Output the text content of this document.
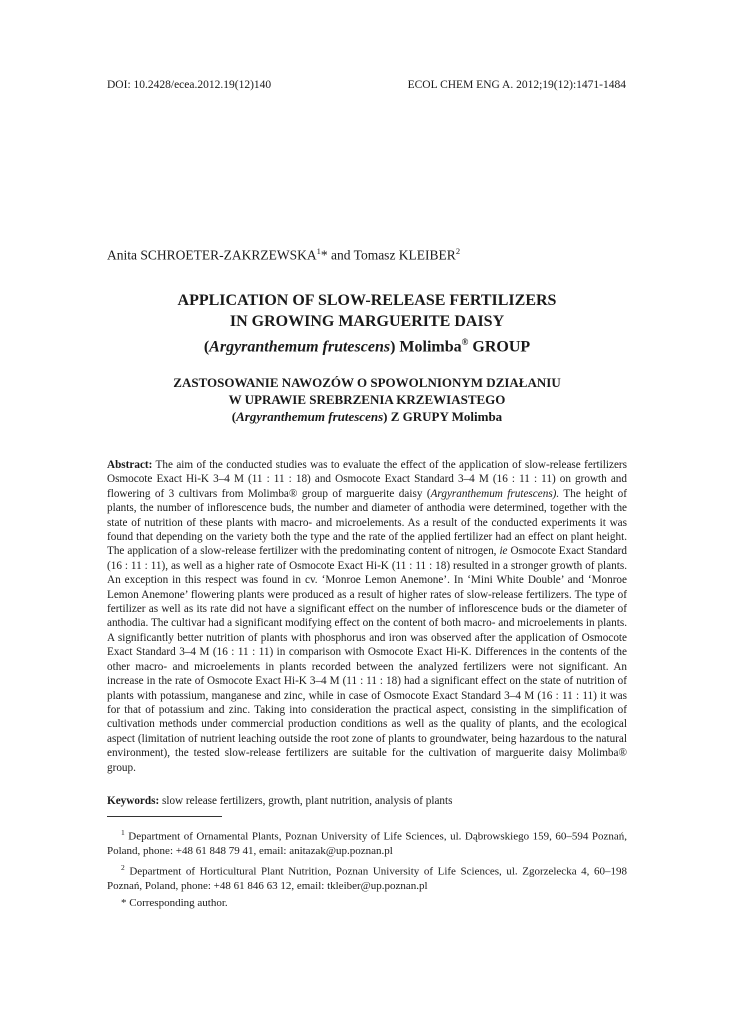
DOI: 10.2428/ecea.2012.19(12)140	ECOL CHEM ENG A. 2012;19(12):1471-1484
Anita SCHROETER-ZAKRZEWSKA$^1$* and Tomasz KLEIBER$^2$
APPLICATION OF SLOW-RELEASE FERTILIZERS
IN GROWING MARGUERITE DAISY
(Argyranthemum frutescens) Molimba® GROUP
ZASTOSOWANIE NAWOZÓW O SPOWOLNIONYM DZIAŁANIU
W UPRAWIE SREBRZENIA KRZEWIASTEGO
(Argyranthemum frutescens) Z GRUPY Molimba
Abstract: The aim of the conducted studies was to evaluate the effect of the application of slow-release fertilizers Osmocote Exact Hi-K 3–4 M (11 : 11 : 18) and Osmocote Exact Standard 3–4 M (16 : 11 : 11) on growth and flowering of 3 cultivars from Molimba® group of marguerite daisy (Argyranthemum frutescens). The height of plants, the number of inflorescence buds, the number and diameter of anthodia were determined, together with the state of nutrition of these plants with macro- and microelements. As a result of the conducted experiments it was found that depending on the variety both the type and the rate of the applied fertilizer had an effect on plant height. The application of a slow-release fertilizer with the predominating content of nitrogen, ie Osmocote Exact Standard (16 : 11 : 11), as well as a higher rate of Osmocote Exact Hi-K (11 : 11 : 18) resulted in a stronger growth of plants. An exception in this respect was found in cv. ‘Monroe Lemon Anemone’. In ‘Mini White Double’ and ‘Monroe Lemon Anemone’ flowering plants were produced as a result of higher rates of slow-release fertilizers. The type of fertilizer as well as its rate did not have a significant effect on the number of inflorescence buds or the diameter of anthodia. The cultivar had a significant modifying effect on the content of both macro- and microelements in plants. A significantly better nutrition of plants with phosphorus and iron was observed after the application of Osmocote Exact Standard 3–4 M (16 : 11 : 11) in comparison with Osmocote Exact Hi-K. Differences in the contents of the other macro- and microelements in plants recorded between the analyzed fertilizers were not significant. An increase in the rate of Osmocote Exact Hi-K 3–4 M (11 : 11 : 18) had a significant effect on the state of nutrition of plants with potassium, manganese and zinc, while in case of Osmocote Exact Standard 3–4 M (16 : 11 : 11) it was for that of potassium and zinc. Taking into consideration the practical aspect, consisting in the simplification of cultivation methods under commercial production conditions as well as the quality of plants, and the ecological aspect (limitation of nutrient leaching outside the root zone of plants to groundwater, being hazardous to the natural environment), the tested slow-release fertilizers are suitable for the cultivation of marguerite daisy Molimba® group.
Keywords: slow release fertilizers, growth, plant nutrition, analysis of plants
$^1$ Department of Ornamental Plants, Poznan University of Life Sciences, ul. Dąbrowskiego 159, 60–594 Poznań, Poland, phone: +48 61 848 79 41, email: anitazak@up.poznan.pl
$^2$ Department of Horticultural Plant Nutrition, Poznan University of Life Sciences, ul. Zgorzelecka 4, 60–198 Poznań, Poland, phone: +48 61 846 63 12, email: tkleiber@up.poznan.pl
* Corresponding author.
